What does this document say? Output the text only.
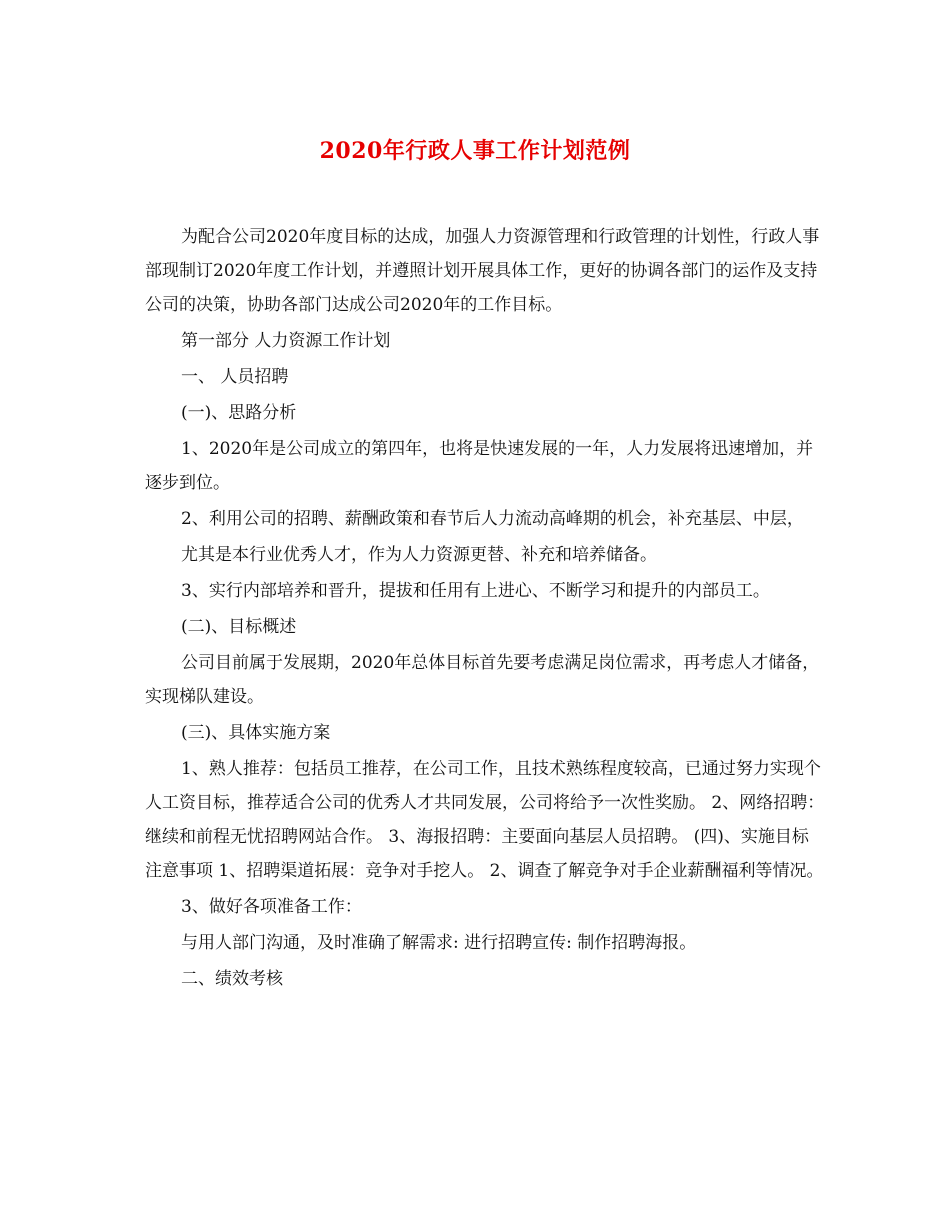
2020年行政人事工作计划范例

为配合公司2020年度目标的达成，加强人力资源管理和行政管理的计划性，行政人事部现制订2020年度工作计划，并遵照计划开展具体工作，更好的协调各部门的运作及支持公司的决策，协助各部门达成公司2020年的工作目标。

第一部分 人力资源工作计划

一、 人员招聘

(一)、思路分析

1、2020年是公司成立的第四年，也将是快速发展的一年，人力发展将迅速增加，并逐步到位。

2、利用公司的招聘、薪酬政策和春节后人力流动高峰期的机会，补充基层、中层，

尤其是本行业优秀人才，作为人力资源更替、补充和培养储备。

3、实行内部培养和晋升，提拔和任用有上进心、不断学习和提升的内部员工。

(二)、目标概述

公司目前属于发展期，2020年总体目标首先要考虑满足岗位需求，再考虑人才储备，实现梯队建设。

(三)、具体实施方案

1、熟人推荐：包括员工推荐，在公司工作，且技术熟练程度较高，已通过努力实现个人工资目标，推荐适合公司的优秀人才共同发展，公司将给予一次性奖励。 2、网络招聘：继续和前程无忧招聘网站合作。 3、海报招聘：主要面向基层人员招聘。 (四)、实施目标注意事项 1、招聘渠道拓展：竞争对手挖人。 2、调查了解竞争对手企业薪酬福利等情况。

3、做好各项准备工作：

与用人部门沟通，及时准确了解需求: 进行招聘宣传: 制作招聘海报。

二、绩效考核
